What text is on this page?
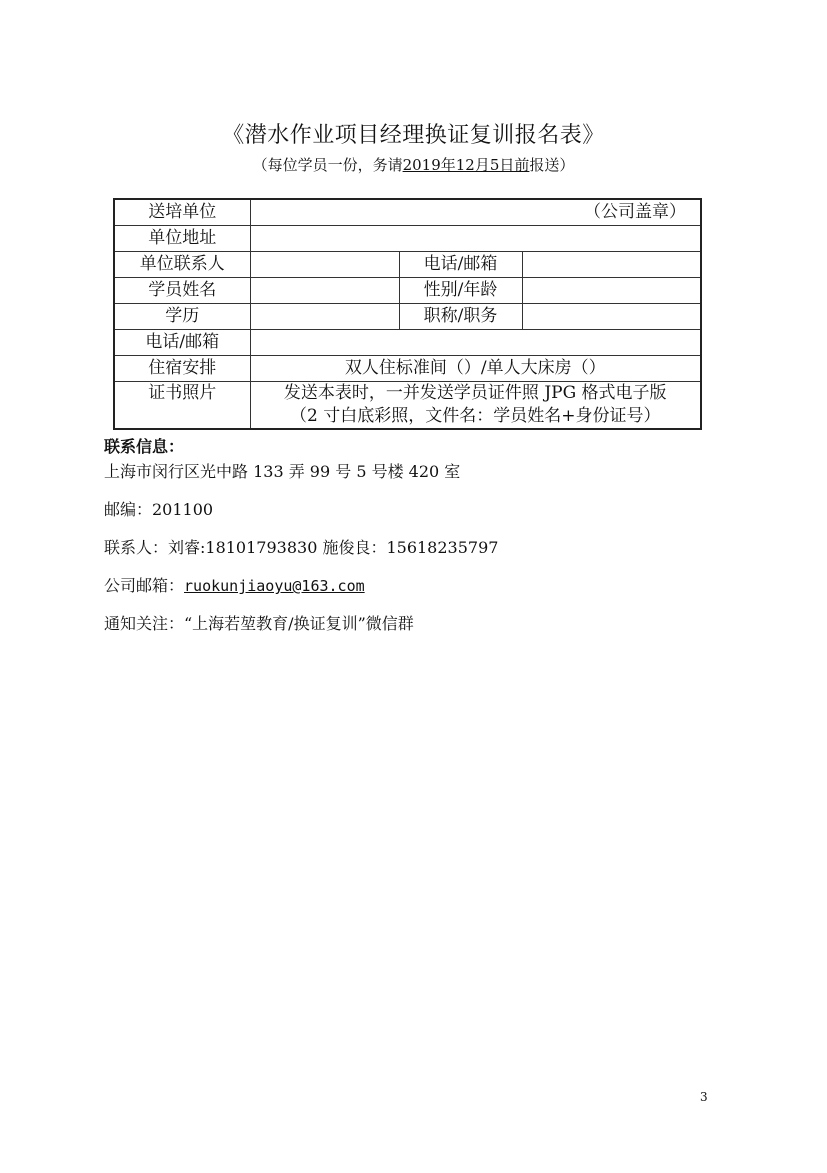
《潜水作业项目经理换证复训报名表》
（每位学员一份，务请2019年12月5日前报送）
送培单位	（公司盖章）		
单位地址			
单位联系人		电话/邮箱	
学员姓名		性别/年龄	
学历		职称/职务	
电话/邮箱			
住宿安排	双人住标准间（）/单人大床房（）		
证书照片	发送本表时，一并发送学员证件照 JPG 格式电子版
（2 寸白底彩照，文件名：学员姓名+身份证号）		
联系信息：
上海市闵行区光中路 133 弄 99 号 5 号楼 420 室
邮编：201100
联系人：刘睿:18101793830 施俊良：15618235797
公司邮箱：ruokunjiaoyu@163.com
通知关注：“上海若堃教育/换证复训”微信群
3
